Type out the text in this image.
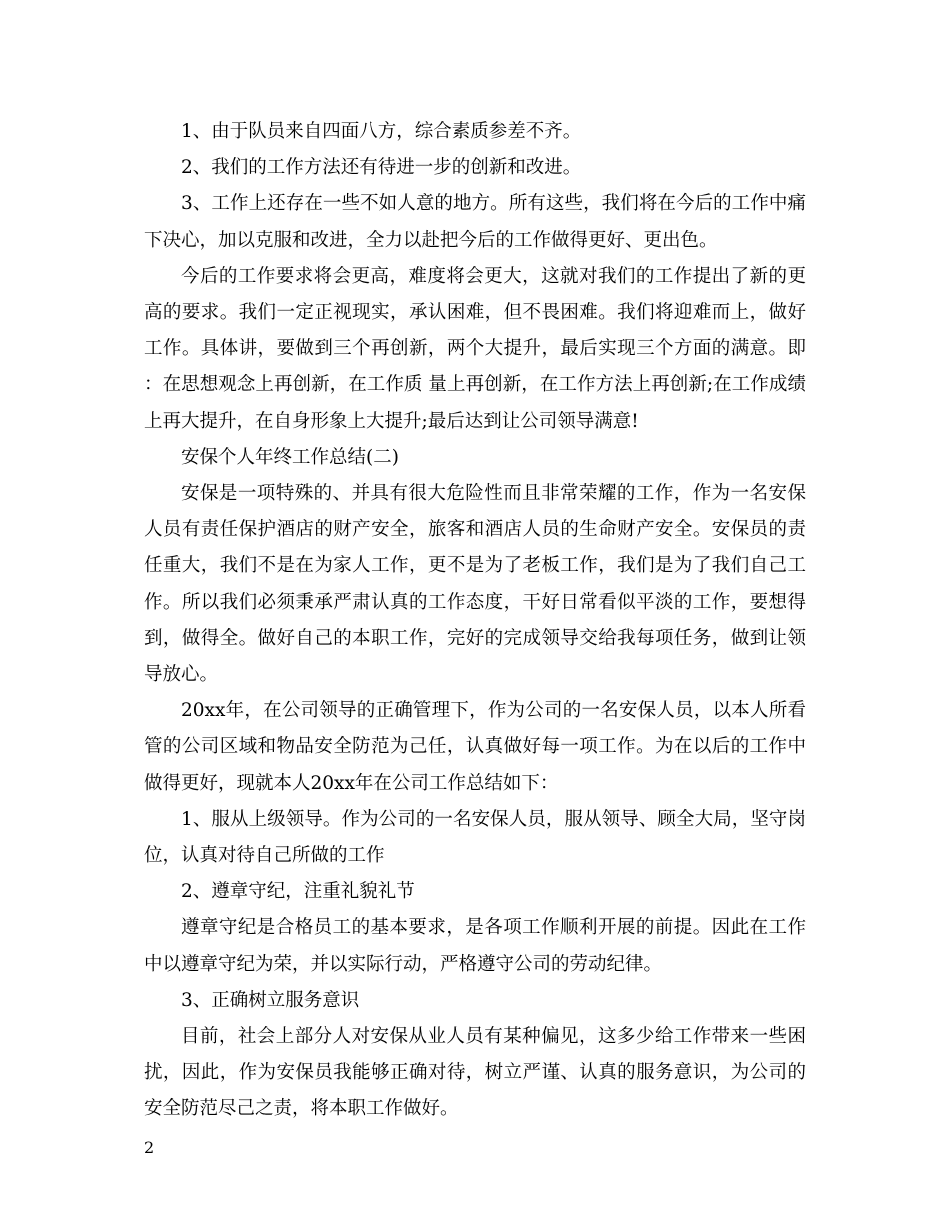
1、由于队员来自四面八方，综合素质参差不齐。

2、我们的工作方法还有待进一步的创新和改进。

3、工作上还存在一些不如人意的地方。所有这些，我们将在今后的工作中痛下决心，加以克服和改进，全力以赴把今后的工作做得更好、更出色。

今后的工作要求将会更高，难度将会更大，这就对我们的工作提出了新的更高的要求。我们一定正视现实，承认困难，但不畏困难。我们将迎难而上，做好工作。具体讲，要做到三个再创新，两个大提升，最后实现三个方面的满意。即：在思想观念上再创新，在工作质 量上再创新，在工作方法上再创新;在工作成绩上再大提升，在自身形象上大提升;最后达到让公司领导满意!

安保个人年终工作总结(二)

安保是一项特殊的、并具有很大危险性而且非常荣耀的工作，作为一名安保人员有责任保护酒店的财产安全，旅客和酒店人员的生命财产安全。安保员的责任重大，我们不是在为家人工作，更不是为了老板工作，我们是为了我们自己工作。所以我们必须秉承严肃认真的工作态度，干好日常看似平淡的工作，要想得到，做得全。做好自己的本职工作，完好的完成领导交给我每项任务，做到让领导放心。

20xx年，在公司领导的正确管理下，作为公司的一名安保人员，以本人所看管的公司区域和物品安全防范为己任，认真做好每一项工作。为在以后的工作中做得更好，现就本人20xx年在公司工作总结如下：

1、服从上级领导。作为公司的一名安保人员，服从领导、顾全大局，坚守岗位，认真对待自己所做的工作

2、遵章守纪，注重礼貌礼节

遵章守纪是合格员工的基本要求，是各项工作顺利开展的前提。因此在工作中以遵章守纪为荣，并以实际行动，严格遵守公司的劳动纪律。

3、正确树立服务意识

目前，社会上部分人对安保从业人员有某种偏见，这多少给工作带来一些困扰，因此，作为安保员我能够正确对待，树立严谨、认真的服务意识，为公司的安全防范尽己之责，将本职工作做好。

2
